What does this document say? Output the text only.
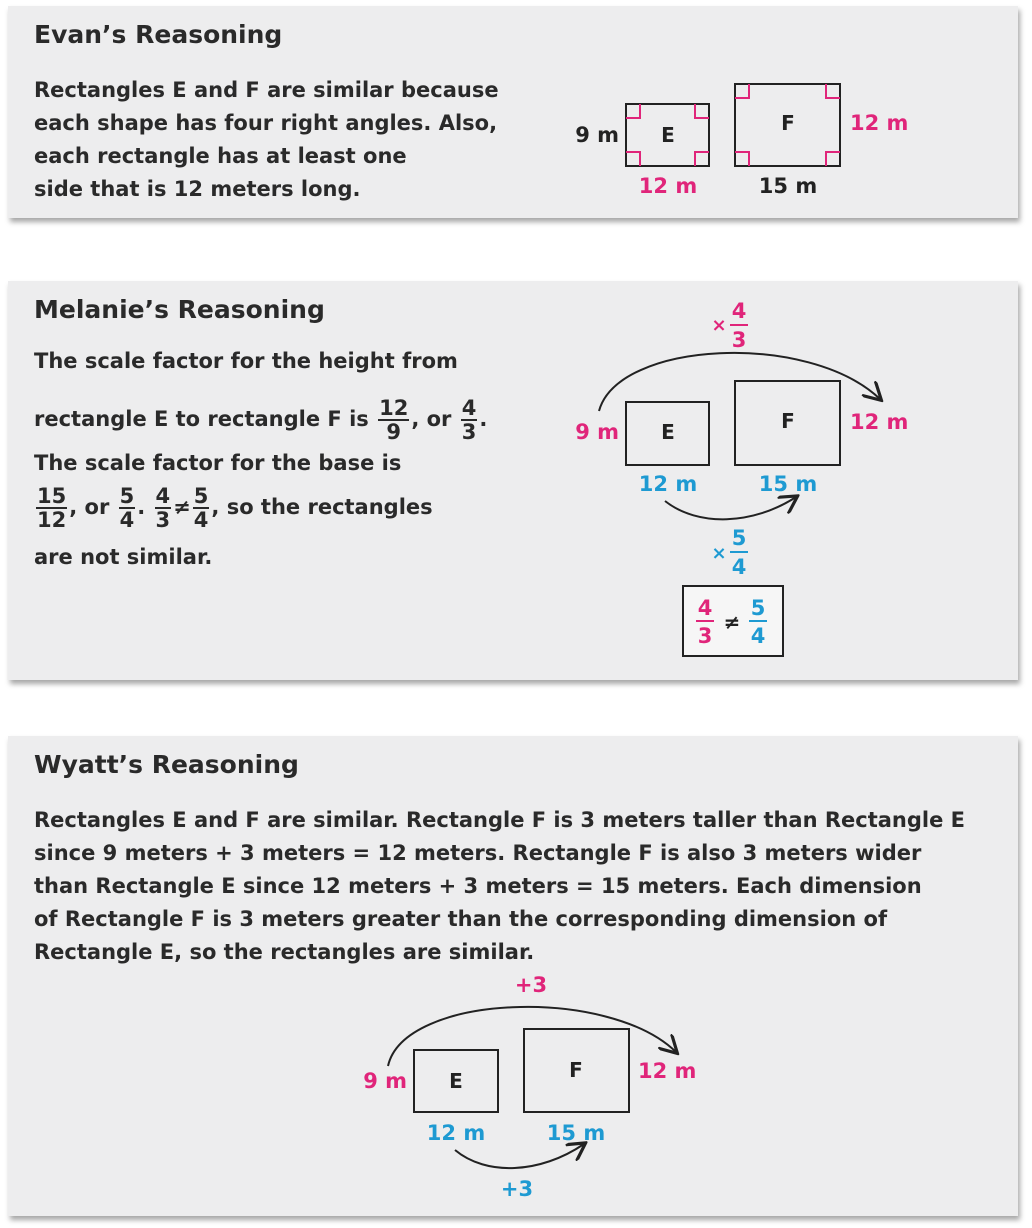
Evan’s Reasoning
Rectangles E and F are similar because
each shape has four right angles. Also,
each rectangle has at least one
side that is 12 meters long.
E	F
9 m
12 m
12 m
15 m
Melanie’s Reasoning
The scale factor for the height from
rectangle E to rectangle F is $\frac{12}{9}$ , or $\frac{4}{3}$ .
The scale factor for the base is
$\frac{15}{12}$ , or $\frac{5}{4}$ . $\frac{4}{3} \ne \frac{5}{4}$ , so the rectangles
are not similar.
×
4
3
E	F
9 m	12 m
12 m	15 m
×
5
4
4
3
≠
5
4
Wyatt’s Reasoning
Rectangles E and F are similar. Rectangle F is 3 meters taller than Rectangle E
since 9 meters + 3 meters = 12 meters. Rectangle F is also 3 meters wider
than Rectangle E since 12 meters + 3 meters = 15 meters. Each dimension
of Rectangle F is 3 meters greater than the corresponding dimension of
Rectangle E, so the rectangles are similar.
+3
E	F
9 m	12 m
12 m	15 m
+3
